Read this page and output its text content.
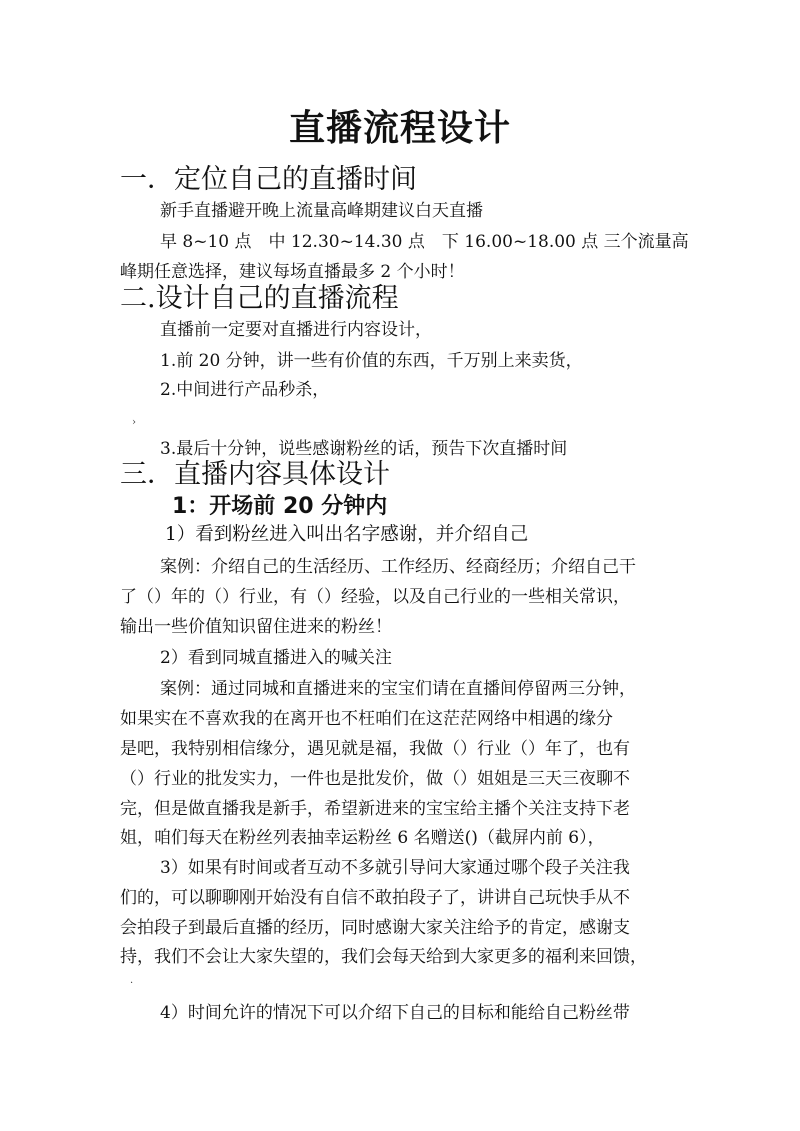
直播流程设计
一．定位自己的直播时间
新手直播避开晚上流量高峰期建议白天直播
早 8~10 点　中 12.30~14.30 点　下 16.00~18.00 点 三个流量高
峰期任意选择，建议每场直播最多 2 个小时！
二.设计自己的直播流程
直播前一定要对直播进行内容设计，
1.前 20 分钟，讲一些有价值的东西，千万别上来卖货，
2.中间进行产品秒杀，
›
3.最后十分钟，说些感谢粉丝的话，预告下次直播时间
三．直播内容具体设计
1：开场前 20 分钟内
1）看到粉丝进入叫出名字感谢，并介绍自己
案例：介绍自己的生活经历、工作经历、经商经历；介绍自己干
了（）年的（）行业，有（）经验，以及自己行业的一些相关常识，
输出一些价值知识留住进来的粉丝！
2）看到同城直播进入的喊关注
案例：通过同城和直播进来的宝宝们请在直播间停留两三分钟，
如果实在不喜欢我的在离开也不枉咱们在这茫茫网络中相遇的缘分
是吧，我特别相信缘分，遇见就是福，我做（）行业（）年了，也有
（）行业的批发实力，一件也是批发价，做（）姐姐是三天三夜聊不
完，但是做直播我是新手，希望新进来的宝宝给主播个关注支持下老
姐，咱们每天在粉丝列表抽幸运粉丝 6 名赠送()（截屏内前 6），
3）如果有时间或者互动不多就引导问大家通过哪个段子关注我
们的，可以聊聊刚开始没有自信不敢拍段子了，讲讲自己玩快手从不
会拍段子到最后直播的经历，同时感谢大家关注给予的肯定，感谢支
持，我们不会让大家失望的，我们会每天给到大家更多的福利来回馈，
·
4）时间允许的情况下可以介绍下自己的目标和能给自己粉丝带
